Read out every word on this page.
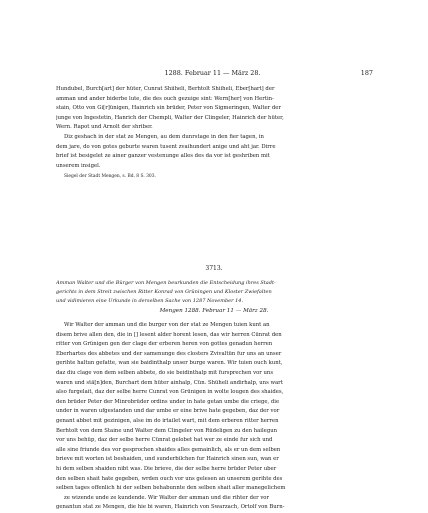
1288. Februar 11 — März 28.	187
Hundubel, Burch[art] der hüter, Cunrat Shiiheli, Berhtolt Shiiheli, Eber[hart] der
amman und ander biderbe lute, die des ouch gezuige sint: Wern[her] von Hertin-
stain, Otto von Gi[r]ünigen, Hainrich sin brüder, Peter von Sigmeringen, Walter der
junge von Ingestetin, Hanrich der Chempli, Walter der Clingeler, Hainrich der hüter,
Wern. Rapot und Arnolt der shriber.
Diz geshach in der stat ze Mengen, au dem dunrstage in den fier tagen, in
dem jare, do von gotes geburte waren tusent zvaihundert anige und aht jar. Dirre
brief ist besigelet ze ainer ganzer vestenunge alles des da vor ist geshriben mit
unserem insigel.
Siegel der Stadt Mengen, s. Bd. 8 S. 303.
3713.
Amman Walter und die Bürger von Mengen beurkunden die Entscheidung ihres Stadt-
gerichts in dem Streit zwischen Ritter Konrad von Grüningen und Kloster Zwiefalten
und vidimieren eine Urkunde in derselben Sache von 1287 November 14.
Mengen 1288. Februar 11 — März 28.
Wir Walter der amman und die burger von der stat ze Mengen tuien kunt an
disem brive allen den, die in [] lesent alder horent lesen, das wir herren Cünrat den
ritter von Grünigen gen der clage der erberen heren von gottes genadun herren
Eberhartes des abbetes und der samenunge des closters Zvivaltün fur uns an unser
gerihte haltun gefatte, wan sie baidinthalp unser burge waren. Wir tuien ouch kunt,
daz diu clage von dem selben abbete, do sie beidinthalp mit fursprechen vor uns
waren und stä[n]den, Burchart dem hüter ainhalp, Cün. Shüheli andirhalp, uns wart
also furgelait, daz der selbe herre Cunrat von Grünigen in wolte lougen des shaides,
den brüder Peter der Minrobrüder ordins under in hate getan umbe die criege, die
under in waren ufgestanden und dar umbe er eine brive hate gegeben, daz der vor
genant abbet mit gezinigen, alse im do irtailet wart, mit dem erberen ritter herren
Berhtolt von dem Staine und Walter dem Clingeler von Rüdeligen zu den hailegun
vor uns behüp, daz der selbe herre Cünrat gelobet hat wer ze einde fur sich und
alle sine friunde des vor gesprochen shaides alles gemainlich, als er un dem selben
brieve mit worten ist beshaiden, und sunderbilchen fur Hainrich sinen sun, wan er
hi dem selben shaiden nibt was. Die brieve, die der selbe herre brüder Peter uber
den selben shait hate gegeben, wrden ouch vor uns gelesen an unserem gerihte des
selben tages offenlich hi der selben behabunnte den selben shait aller manegelichem
ze wizende unde ze kundende. Wir Walter der amman und die rihter der vor
genantun stat ze Mengen, die hie bi waren, Hainrich von Swarzach, Ortolf von Burn-
